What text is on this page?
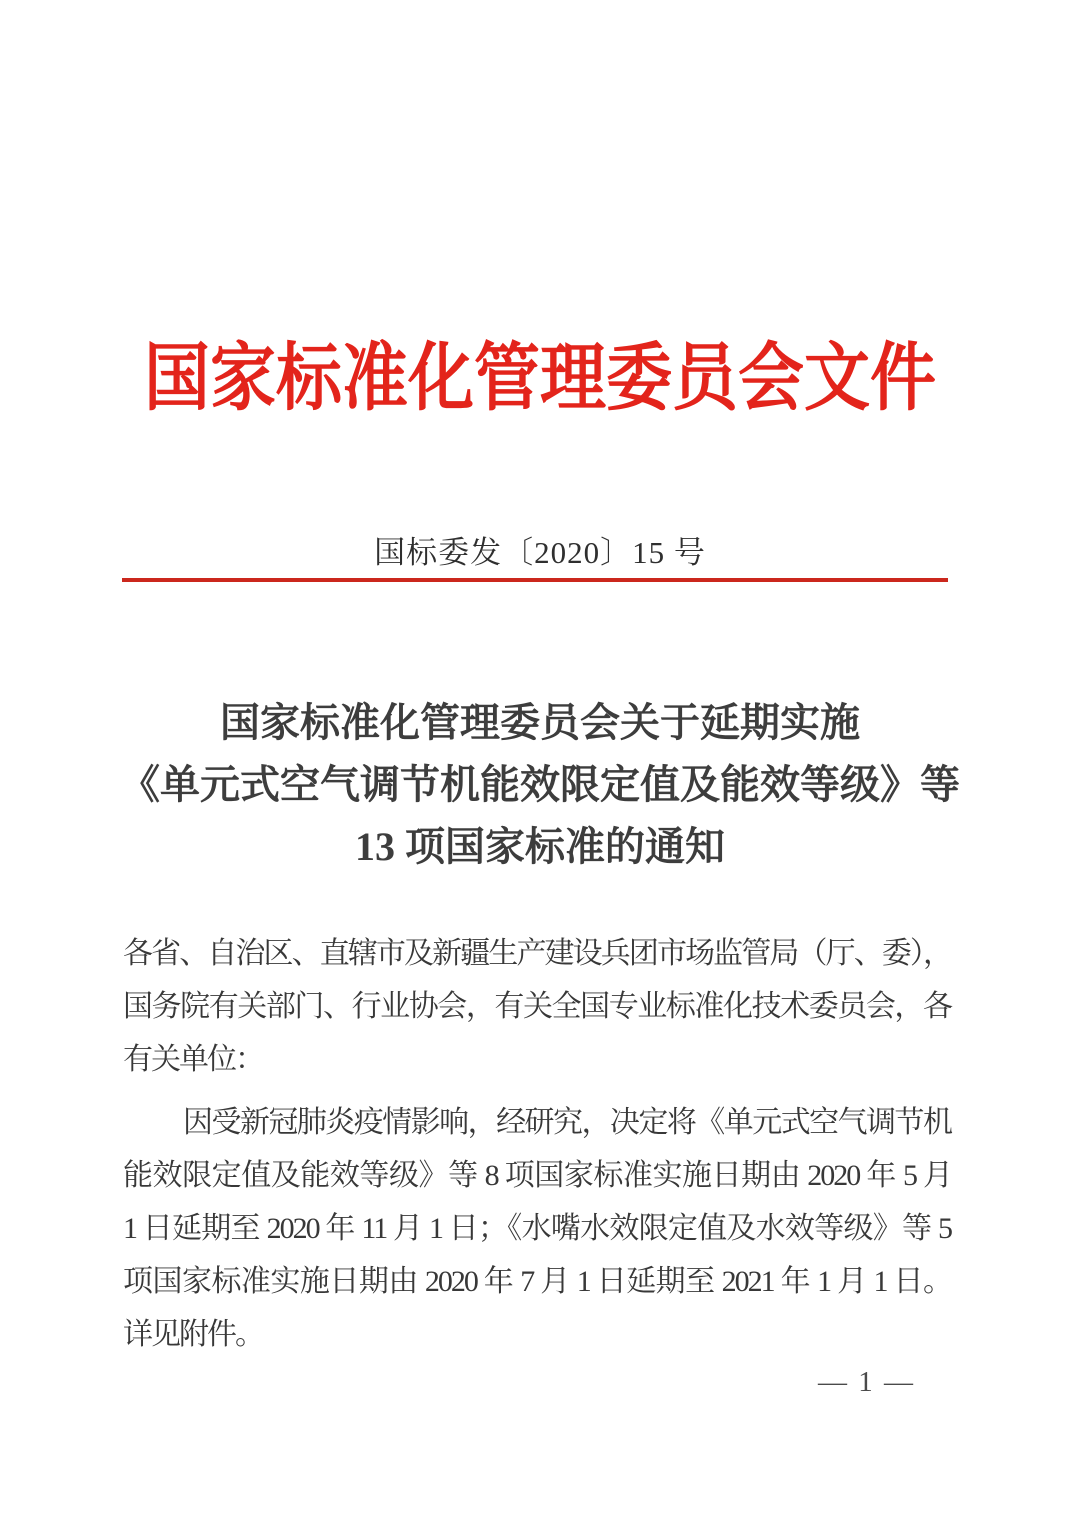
国家标准化管理委员会文件
国标委发〔2020〕15 号
国家标准化管理委员会关于延期实施
《单元式空气调节机能效限定值及能效等级》等
13 项国家标准的通知
各省、自治区、直辖市及新疆生产建设兵团市场监管局（厅、委），
国务院有关部门、行业协会，有关全国专业标准化技术委员会，各
有关单位：
因受新冠肺炎疫情影响，经研究，决定将《单元式空气调节机
能效限定值及能效等级》等 8 项国家标准实施日期由 2020 年 5 月
1 日延期至 2020 年 11 月 1 日；《水嘴水效限定值及水效等级》等 5
项国家标准实施日期由 2020 年 7 月 1 日延期至 2021 年 1 月 1 日。
详见附件。
— 1 —
